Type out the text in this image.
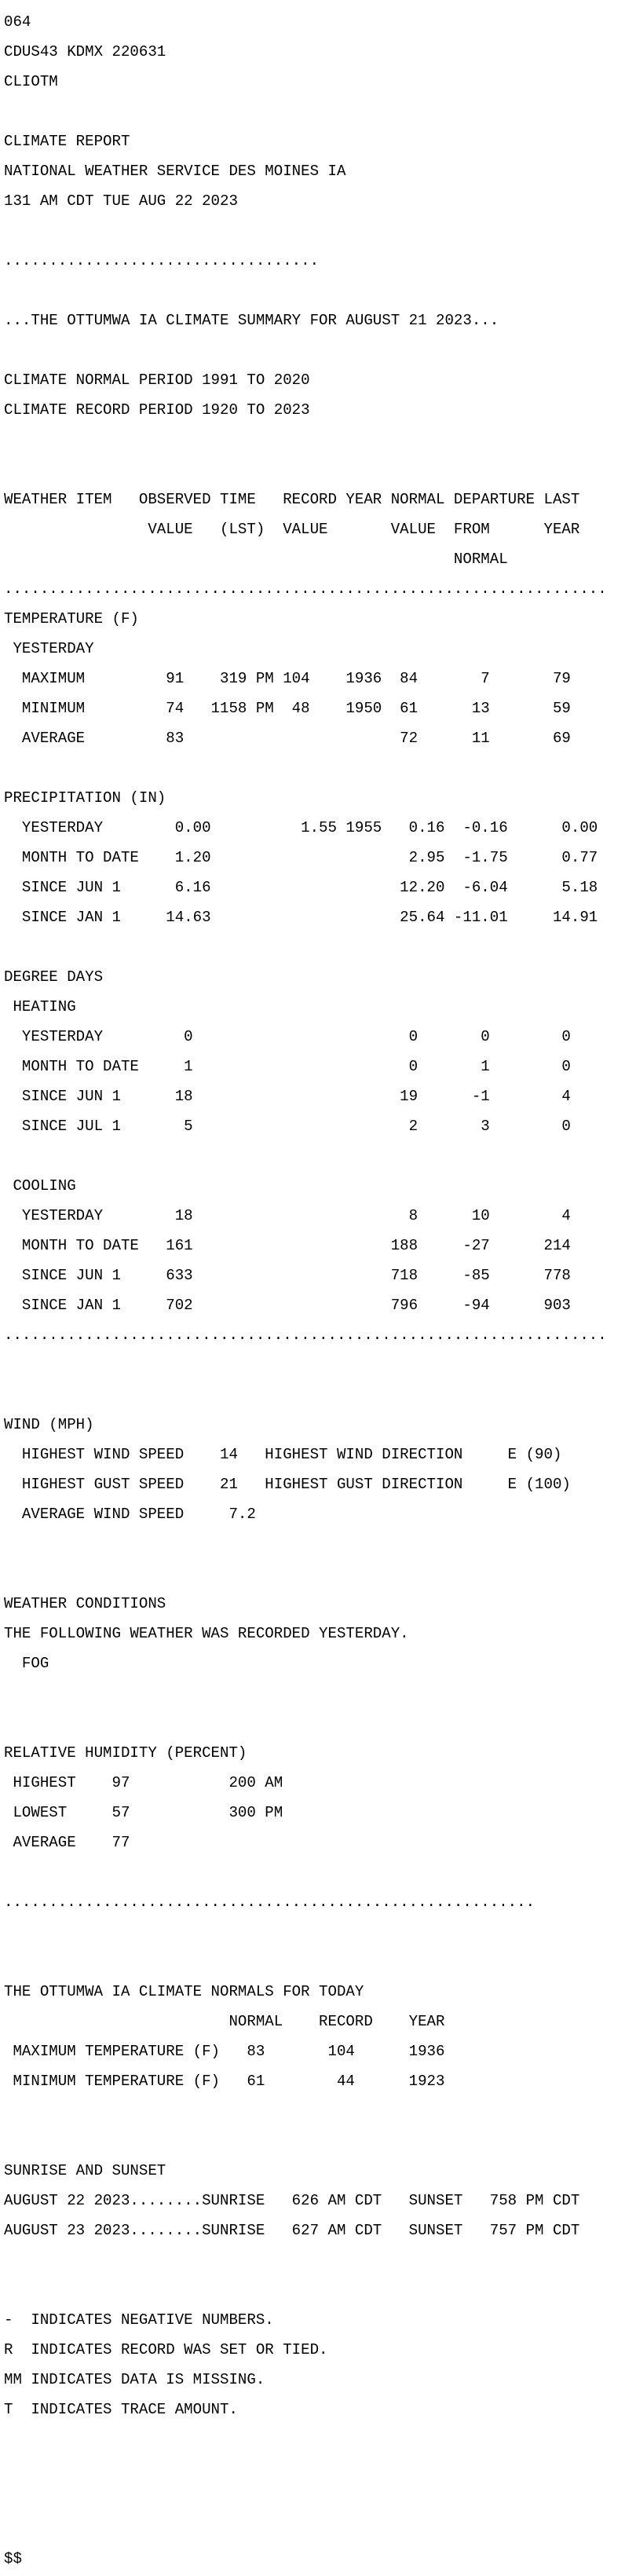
064

CDUS43 KDMX 220631

CLIOTM

CLIMATE REPORT

NATIONAL WEATHER SERVICE DES MOINES IA

131 AM CDT TUE AUG 22 2023

...................................

...THE OTTUMWA IA CLIMATE SUMMARY FOR AUGUST 21 2023...

CLIMATE NORMAL PERIOD 1991 TO 2020

CLIMATE RECORD PERIOD 1920 TO 2023

WEATHER ITEM   OBSERVED TIME   RECORD YEAR NORMAL DEPARTURE LAST

VALUE   (LST)  VALUE       VALUE  FROM      YEAR

NORMAL

...................................................................

TEMPERATURE (F)

YESTERDAY

MAXIMUM         91    319 PM 104    1936  84       7       79

MINIMUM         74   1158 PM  48    1950  61      13       59

AVERAGE         83                        72      11       69

PRECIPITATION (IN)

YESTERDAY        0.00          1.55 1955   0.16  -0.16      0.00

MONTH TO DATE    1.20                      2.95  -1.75      0.77

SINCE JUN 1      6.16                     12.20  -6.04      5.18

SINCE JAN 1     14.63                     25.64 -11.01     14.91

DEGREE DAYS

HEATING

YESTERDAY         0                        0       0        0

MONTH TO DATE     1                        0       1        0

SINCE JUN 1      18                       19      -1        4

SINCE JUL 1       5                        2       3        0

COOLING

YESTERDAY        18                        8      10        4

MONTH TO DATE   161                      188     -27      214

SINCE JUN 1     633                      718     -85      778

SINCE JAN 1     702                      796     -94      903

...................................................................

WIND (MPH)

HIGHEST WIND SPEED    14   HIGHEST WIND DIRECTION     E (90)

HIGHEST GUST SPEED    21   HIGHEST GUST DIRECTION     E (100)

AVERAGE WIND SPEED     7.2

WEATHER CONDITIONS

THE FOLLOWING WEATHER WAS RECORDED YESTERDAY.

FOG

RELATIVE HUMIDITY (PERCENT)

HIGHEST    97           200 AM

LOWEST     57           300 PM

AVERAGE    77

...........................................................

THE OTTUMWA IA CLIMATE NORMALS FOR TODAY

NORMAL    RECORD    YEAR

MAXIMUM TEMPERATURE (F)   83       104      1936

MINIMUM TEMPERATURE (F)   61        44      1923

SUNRISE AND SUNSET

AUGUST 22 2023........SUNRISE   626 AM CDT   SUNSET   758 PM CDT

AUGUST 23 2023........SUNRISE   627 AM CDT   SUNSET   757 PM CDT

-  INDICATES NEGATIVE NUMBERS.

R  INDICATES RECORD WAS SET OR TIED.

MM INDICATES DATA IS MISSING.

T  INDICATES TRACE AMOUNT.

$$
